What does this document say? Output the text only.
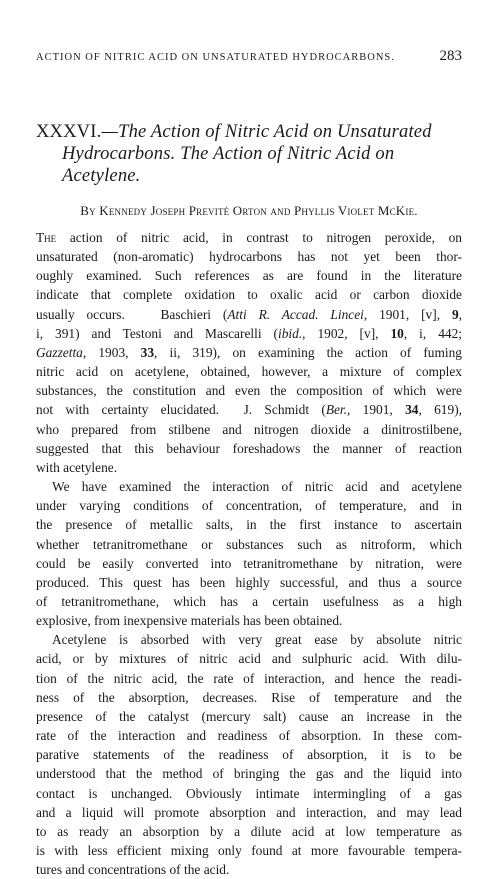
ACTION OF NITRIC ACID ON UNSATURATED HYDROCARBONS.	283
XXXVI.—The Action of Nitric Acid on Unsaturated
Hydrocarbons. The Action of Nitric Acid on
Acetylene.
By Kennedy Joseph Previté Orton and Phyllis Violet McKie.

The action of nitric acid, in contrast to nitrogen peroxide, on
unsaturated (non-aromatic) hydrocarbons has not yet been thor-
oughly examined. Such references as are found in the literature
indicate that complete oxidation to oxalic acid or carbon dioxide
usually occurs.   Baschieri (Atti R. Accad. Lincei, 1901, [v], 9,
i, 391) and Testoni and Mascarelli (ibid., 1902, [v], 10, i, 442;
Gazzetta, 1903, 33, ii, 319), on examining the action of fuming
nitric acid on acetylene, obtained, however, a mixture of complex
substances, the constitution and even the composition of which were
not with certainty elucidated.  J. Schmidt (Ber., 1901, 34, 619),
who prepared from stilbene and nitrogen dioxide a dinitrostilbene,
suggested that this behaviour foreshadows the manner of reaction
with acetylene.

We have examined the interaction of nitric acid and acetylene
under varying conditions of concentration, of temperature, and in
the presence of metallic salts, in the first instance to ascertain
whether tetranitromethane or substances such as nitroform, which
could be easily converted into tetranitromethane by nitration, were
produced. This quest has been highly successful, and thus a source
of tetranitromethane, which has a certain usefulness as a high
explosive, from inexpensive materials has been obtained.

Acetylene is absorbed with very great ease by absolute nitric
acid, or by mixtures of nitric acid and sulphuric acid. With dilu-
tion of the nitric acid, the rate of interaction, and hence the readi-
ness of the absorption, decreases. Rise of temperature and the
presence of the catalyst (mercury salt) cause an increase in the
rate of the interaction and readiness of absorption. In these com-
parative statements of the readiness of absorption, it is to be
understood that the method of bringing the gas and the liquid into
contact is unchanged. Obviously intimate intermingling of a gas
and a liquid will promote absorption and interaction, and may lead
to as ready an absorption by a dilute acid at low temperature as
is with less efficient mixing only found at more favourable tempera-
tures and concentrations of the acid.
